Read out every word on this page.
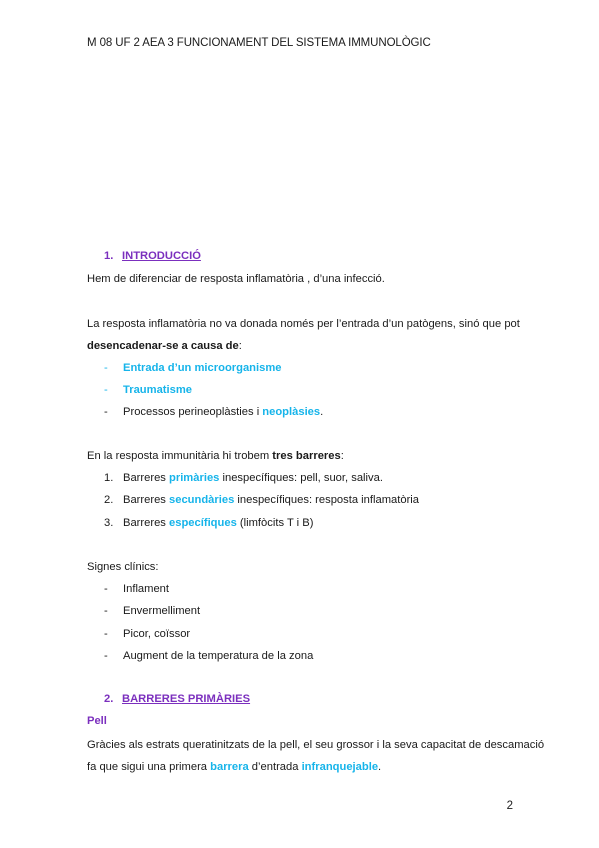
M 08 UF 2 AEA 3 FUNCIONAMENT DEL SISTEMA IMMUNOLÒGIC
1. INTRODUCCIÓ
Hem de diferenciar de resposta inflamatòria , d’una infecció.
La resposta inflamatòria no va donada només per l’entrada d’un patògens, sinó que pot
desencadenar-se a causa de:
- Entrada d’un microorganisme
- Traumatisme
- Processos perineoplàsties i neoplàsies.
En la resposta immunitària hi trobem tres barreres:
1. Barreres primàries inespecífiques: pell, suor, saliva.
2. Barreres secundàries inespecífiques: resposta inflamatòria
3. Barreres específiques (limfòcits T i B)
Signes clínics:
- Inflament
- Envermelliment
- Picor, coïssor
- Augment de la temperatura de la zona
2. BARRERES PRIMÀRIES
Pell
Gràcies als estrats queratinitzats de la pell, el seu grossor i la seva capacitat de descamació
fa que sigui una primera barrera d’entrada infranquejable.
2
